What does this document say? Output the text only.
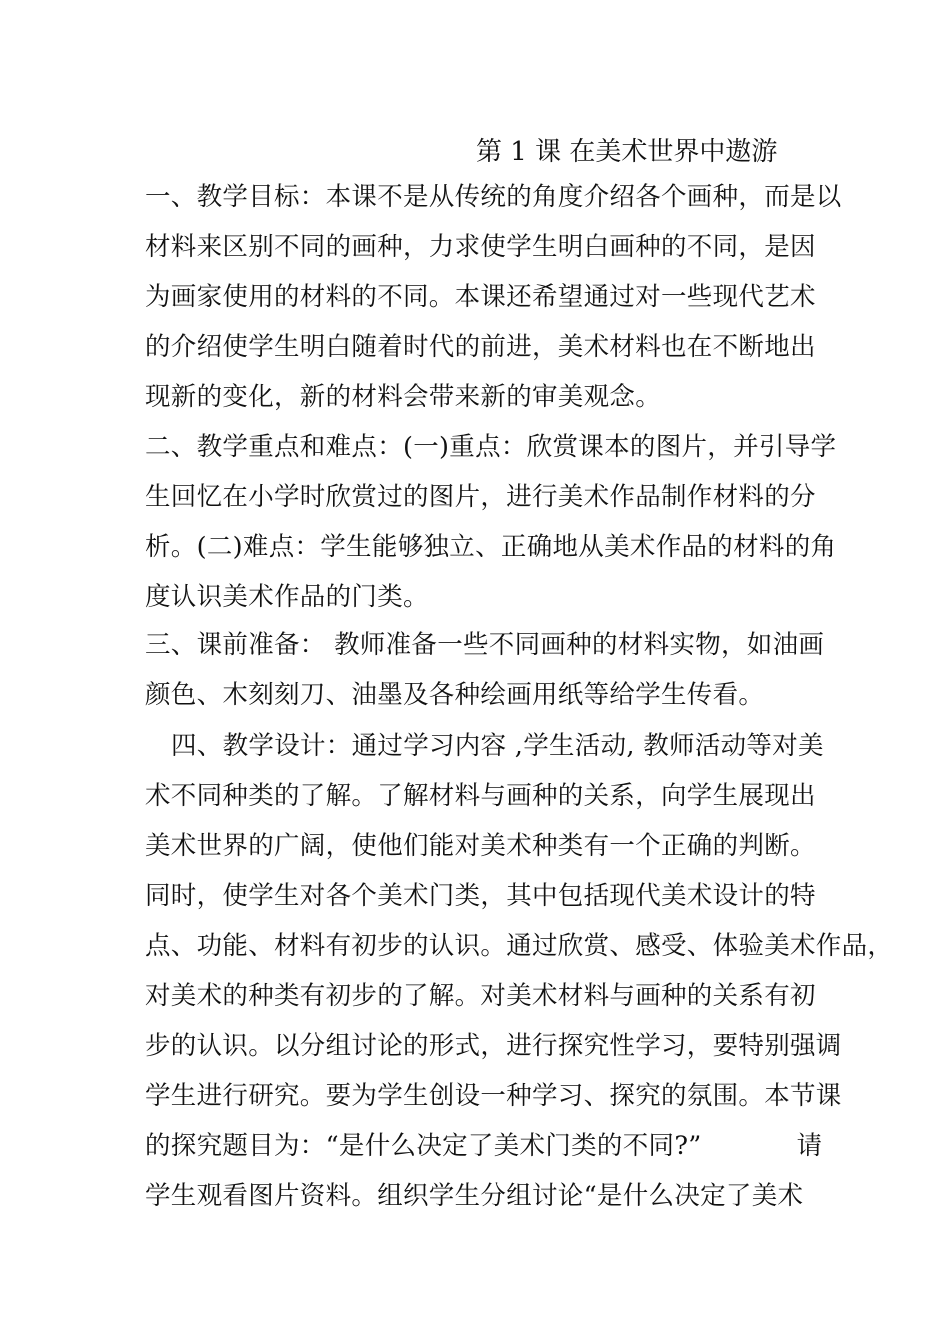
第 1 课 在美术世界中遨游
一、教学目标：本课不是从传统的角度介绍各个画种，而是以
材料来区别不同的画种，力求使学生明白画种的不同，是因
为画家使用的材料的不同。本课还希望通过对一些现代艺术
的介绍使学生明白随着时代的前进，美术材料也在不断地出
现新的变化，新的材料会带来新的审美观念。
二、教学重点和难点：(一)重点：欣赏课本的图片，并引导学
生回忆在小学时欣赏过的图片，进行美术作品制作材料的分
析。(二)难点：学生能够独立、正确地从美术作品的材料的角
度认识美术作品的门类。
三、课前准备： 教师准备一些不同画种的材料实物，如油画
颜色、木刻刻刀、油墨及各种绘画用纸等给学生传看。
四、教学设计：通过学习内容 ,学生活动, 教师活动等对美
术不同种类的了解。了解材料与画种的关系，向学生展现出
美术世界的广阔，使他们能对美术种类有一个正确的判断。
同时，使学生对各个美术门类，其中包括现代美术设计的特
点、功能、材料有初步的认识。通过欣赏、感受、体验美术作品，
对美术的种类有初步的了解。对美术材料与画种的关系有初
步的认识。以分组讨论的形式，进行探究性学习，要特别强调
学生进行研究。要为学生创设一种学习、探究的氛围。本节课
的探究题目为：“是什么决定了美术门类的不同?”	请
学生观看图片资料。组织学生分组讨论“是什么决定了美术
